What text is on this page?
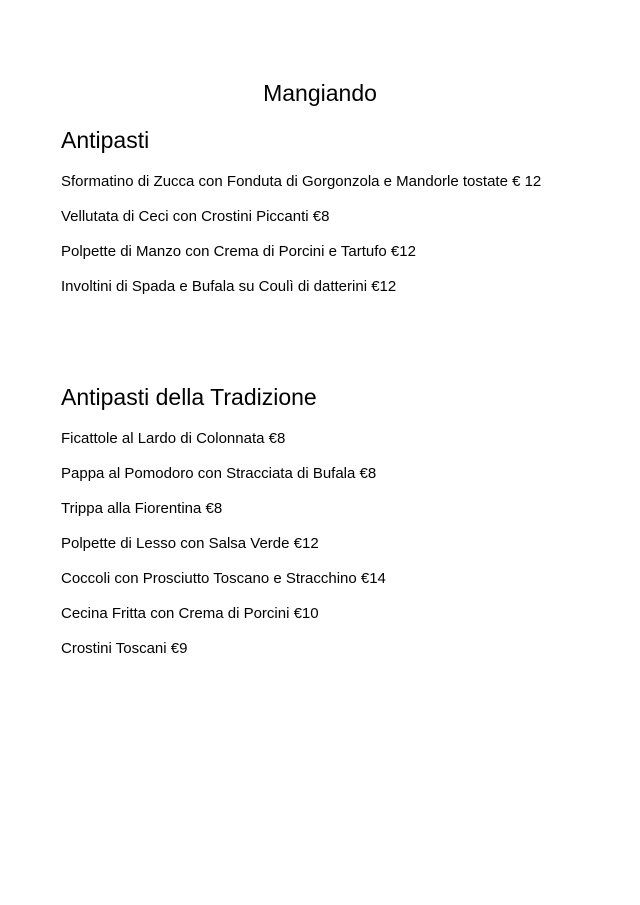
Mangiando
Antipasti
Sformatino di Zucca con Fonduta di Gorgonzola e Mandorle tostate € 12
Vellutata di Ceci con Crostini Piccanti €8
Polpette di Manzo con Crema di Porcini e Tartufo €12
Involtini di Spada e Bufala su Coulì di datterini €12
Antipasti della Tradizione
Ficattole al Lardo di Colonnata €8
Pappa al Pomodoro con Stracciata di Bufala €8
Trippa alla Fiorentina €8
Polpette di Lesso con Salsa Verde €12
Coccoli con Prosciutto Toscano e Stracchino €14
Cecina Fritta con Crema di Porcini €10
Crostini Toscani €9
